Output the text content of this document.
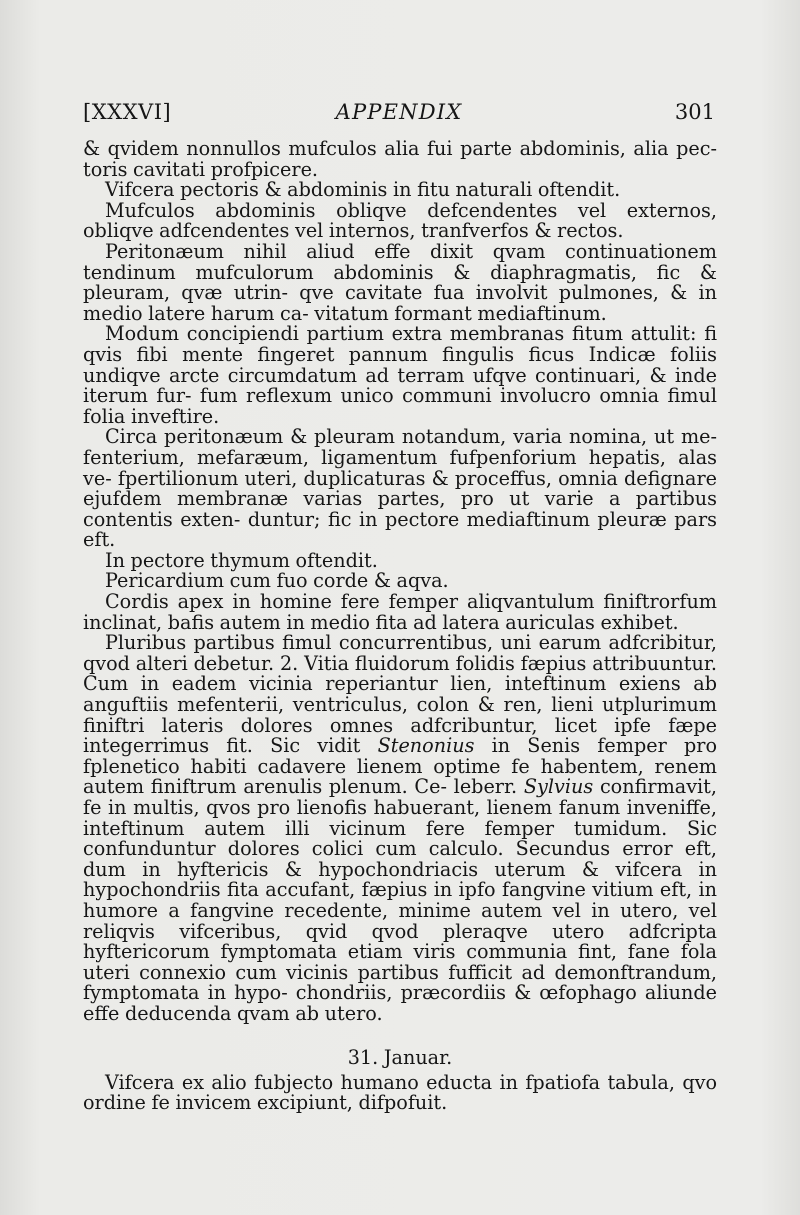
[XXXVI]	APPENDIX	301

& qvidem nonnullos mufculos alia fui parte abdominis, alia pec- toris cavitati profpicere.

Vifcera pectoris & abdominis in fitu naturali oftendit.

Mufculos abdominis obliqve defcendentes vel externos, obliqve adfcendentes vel internos, tranfverfos & rectos.

Peritonæum nihil aliud effe dixit qvam continuationem tendinum mufculorum abdominis & diaphragmatis, fic & pleuram, qvæ utrin- qve cavitate fua involvit pulmones, & in medio latere harum ca- vitatum formant mediaftinum.

Modum concipiendi partium extra membranas fitum attulit: fi qvis fibi mente fingeret pannum fingulis ficus Indicæ foliis undiqve arcte circumdatum ad terram ufqve continuari, & inde iterum fur- fum reflexum unico communi involucro omnia fimul folia inveftire.

Circa peritonæum & pleuram notandum, varia nomina, ut me- fenterium, mefaræum, ligamentum fufpenforium hepatis, alas ve- fpertilionum uteri, duplicaturas & proceffus, omnia defignare ejufdem membranæ varias partes, pro ut varie a partibus contentis exten- duntur; fic in pectore mediaftinum pleuræ pars eft.

In pectore thymum oftendit.

Pericardium cum fuo corde & aqva.

Cordis apex in homine fere femper aliqvantulum finiftrorfum inclinat, bafis autem in medio fita ad latera auriculas exhibet.

Pluribus partibus fimul concurrentibus, uni earum adfcribitur, qvod alteri debetur. 2. Vitia fluidorum folidis fæpius attribuuntur. Cum in eadem vicinia reperiantur lien, inteftinum exiens ab anguftiis mefenterii, ventriculus, colon & ren, lieni utplurimum finiftri lateris dolores omnes adfcribuntur, licet ipfe fæpe integerrimus fit. Sic vidit Stenonius in Senis femper pro fplenetico habiti cadavere lienem optime fe habentem, renem autem finiftrum arenulis plenum. Ce- leberr. Sylvius confirmavit, fe in multis, qvos pro lienofis habuerant, lienem fanum inveniffe, inteftinum autem illi vicinum fere femper tumidum. Sic confunduntur dolores colici cum calculo. Secundus error eft, dum in hyftericis & hypochondriacis uterum & vifcera in hypochondriis fita accufant, fæpius in ipfo fangvine vitium eft, in humore a fangvine recedente, minime autem vel in utero, vel reliqvis vifceribus, qvid qvod pleraqve utero adfcripta hyftericorum fymptomata etiam viris communia fint, fane fola uteri connexio cum vicinis partibus fufficit ad demonftrandum, fymptomata in hypo- chondriis, præcordiis & œfophago aliunde effe deducenda qvam ab utero.

31. Januar.

Vifcera ex alio fubjecto humano educta in fpatiofa tabula, qvo ordine fe invicem excipiunt, difpofuit.
